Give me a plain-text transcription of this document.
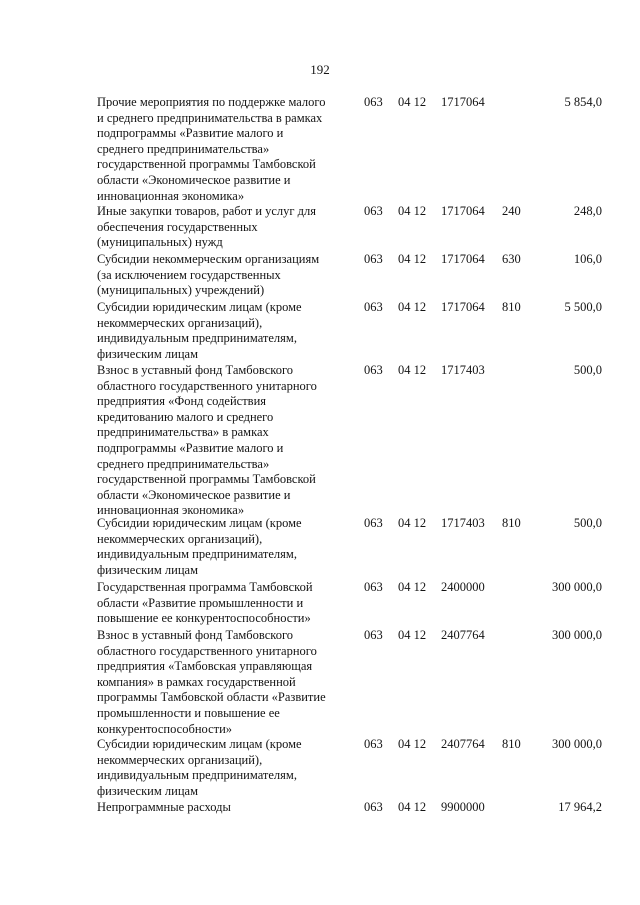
192
Прочие мероприятия по поддержке малого
и среднего предпринимательства в рамках
подпрограммы «Развитие малого и
среднего предпринимательства»
государственной программы Тамбовской
области «Экономическое развитие и
инновационная экономика»
063 04 12 1717064	5 854,0
Иные закупки товаров, работ и услуг для
обеспечения государственных
(муниципальных) нужд
063 04 12 1717064 240	248,0
Субсидии некоммерческим организациям
(за исключением государственных
(муниципальных) учреждений)
063 04 12 1717064 630	106,0
Субсидии юридическим лицам (кроме
некоммерческих организаций),
индивидуальным предпринимателям,
физическим лицам
063 04 12 1717064 810	5 500,0
Взнос в уставный фонд Тамбовского
областного государственного унитарного
предприятия «Фонд содействия
кредитованию малого и среднего
предпринимательства» в рамках
подпрограммы «Развитие малого и
среднего предпринимательства»
государственной программы Тамбовской
области «Экономическое развитие и
инновационная экономика»
063 04 12 1717403	500,0
Субсидии юридическим лицам (кроме
некоммерческих организаций),
индивидуальным предпринимателям,
физическим лицам
063 04 12 1717403 810	500,0
Государственная программа Тамбовской
области «Развитие промышленности и
повышение ее конкурентоспособности»
063 04 12 2400000	300 000,0
Взнос в уставный фонд Тамбовского
областного государственного унитарного
предприятия «Тамбовская управляющая
компания» в рамках государственной
программы Тамбовской области «Развитие
промышленности и повышение ее
конкурентоспособности»
063 04 12 2407764	300 000,0
Субсидии юридическим лицам (кроме
некоммерческих организаций),
индивидуальным предпринимателям,
физическим лицам
063 04 12 2407764 810	300 000,0
Непрограммные расходы	063 04 12 9900000	17 964,2
